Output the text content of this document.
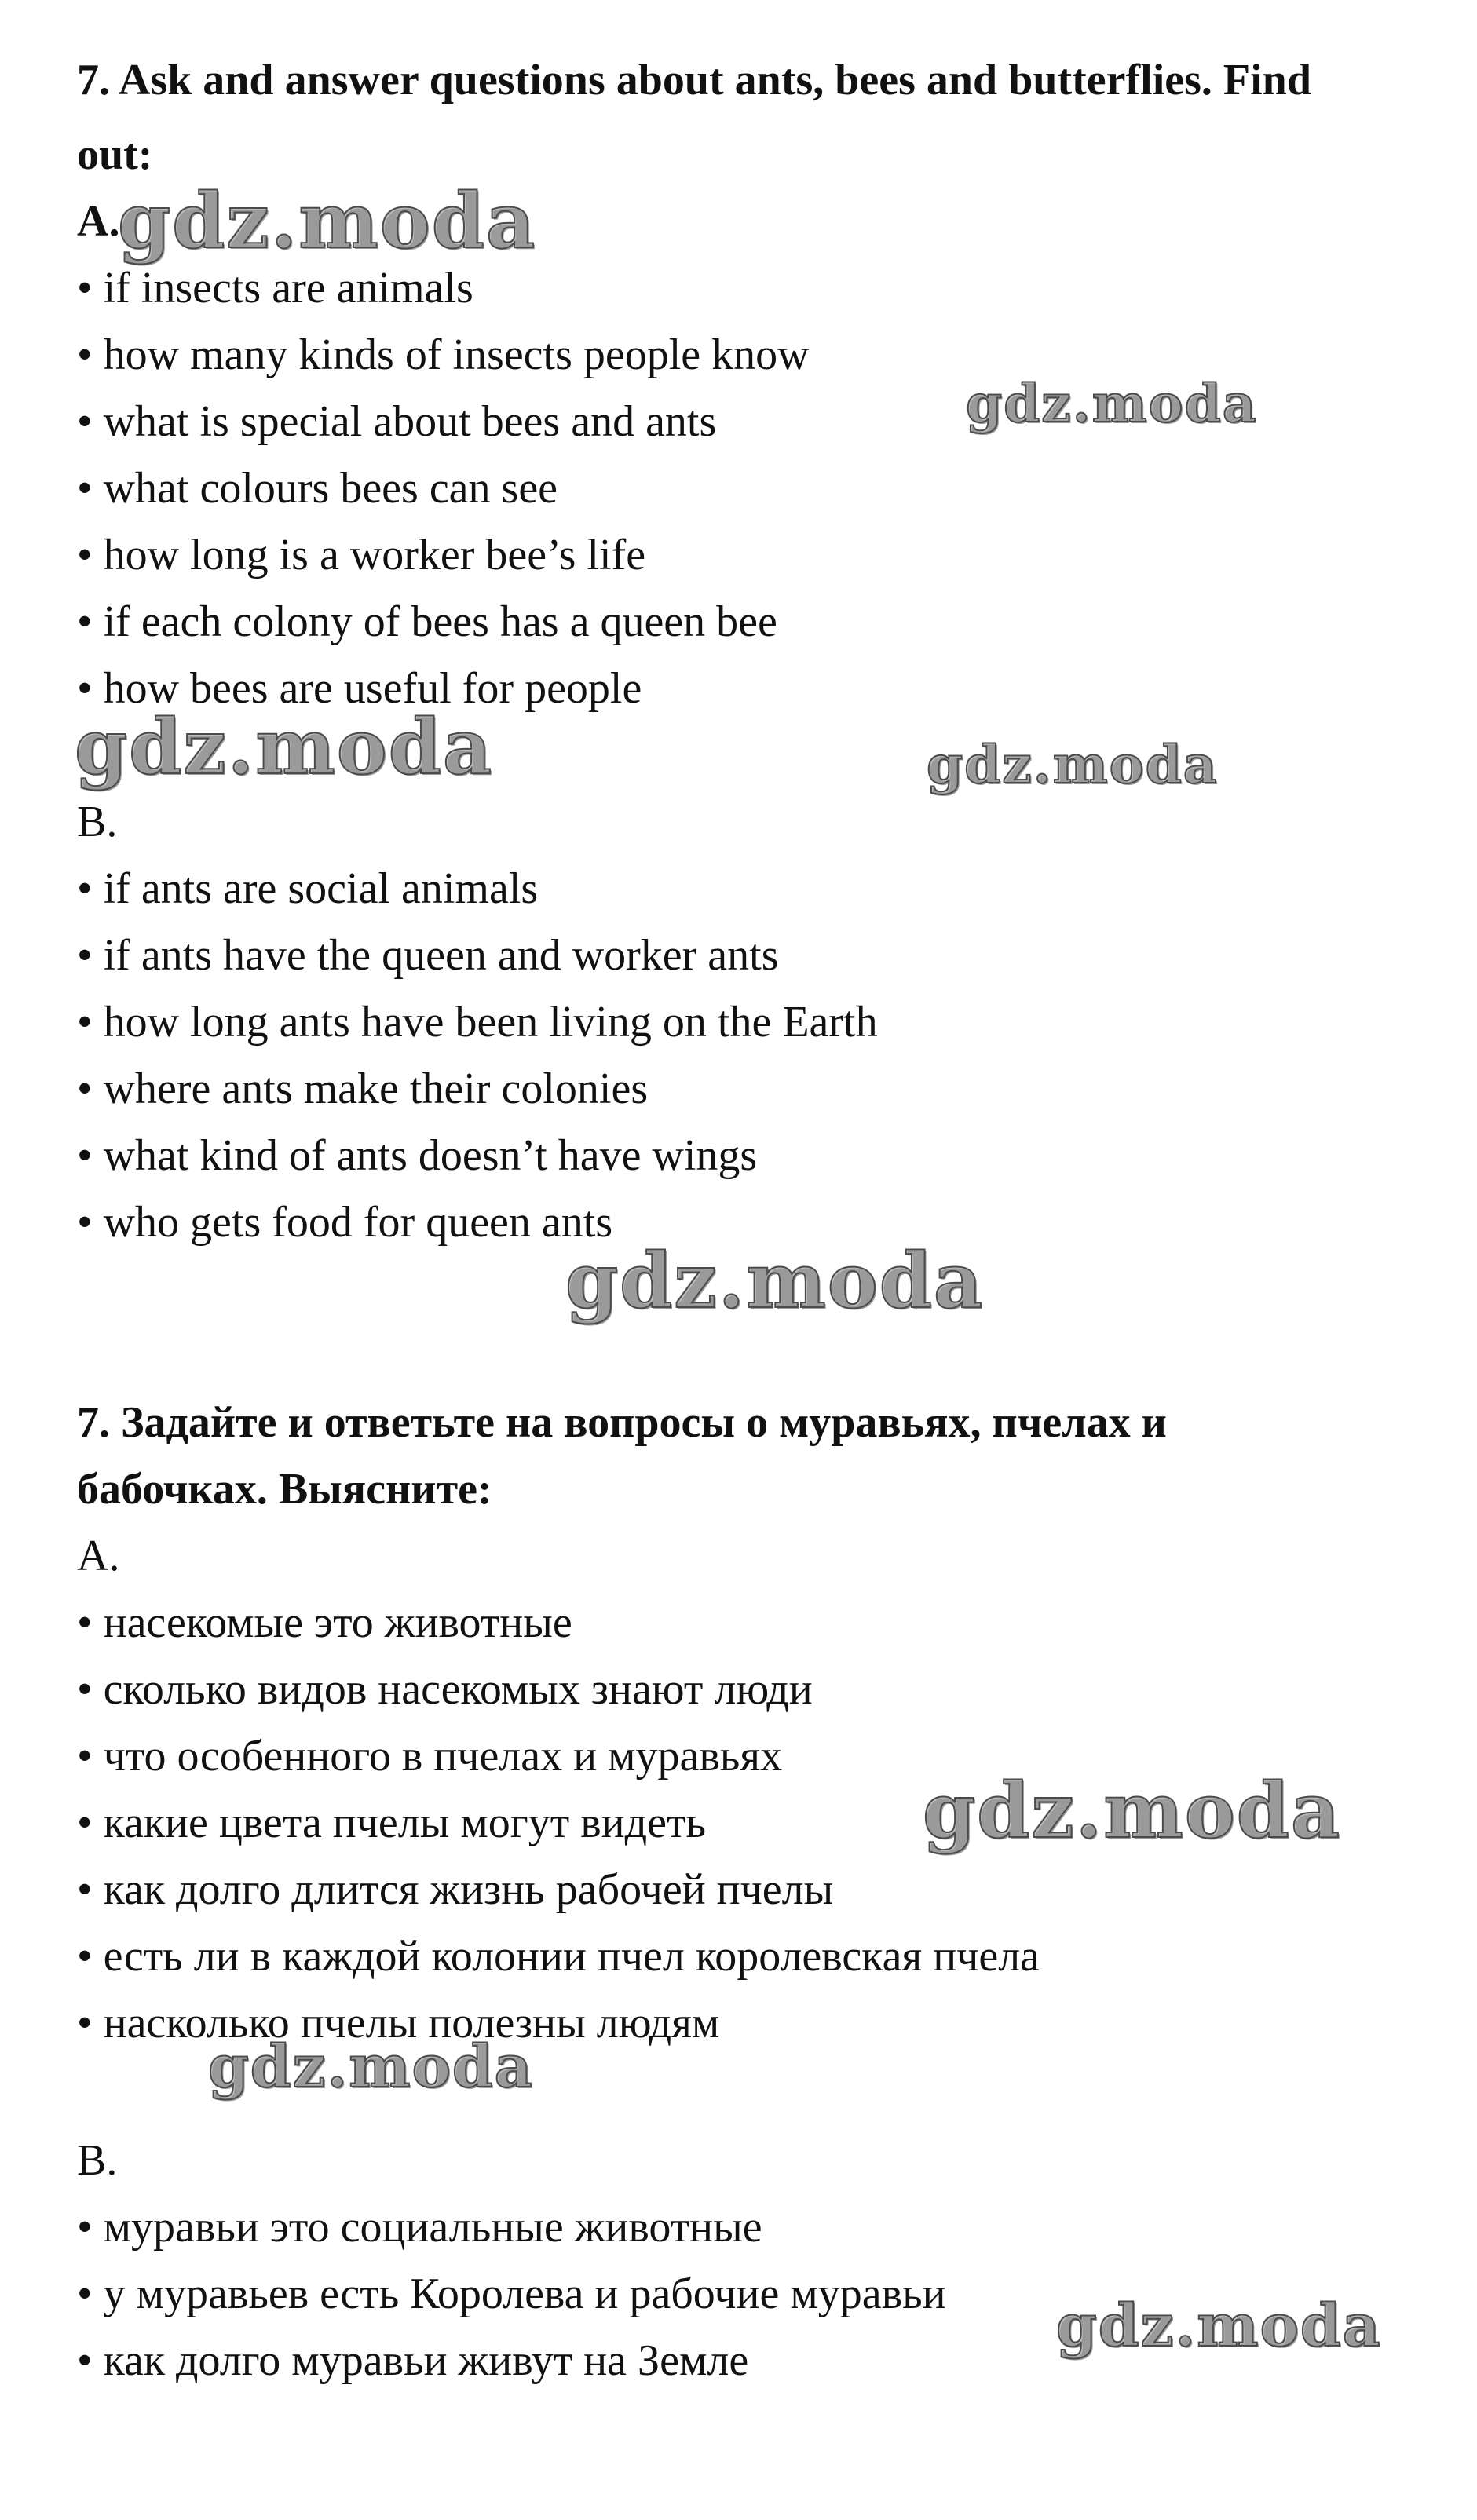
7. Ask and answer questions about ants, bees and butterflies. Find

out:

A.

• if insects are animals

• how many kinds of insects people know

• what is special about bees and ants

• what colours bees can see

• how long is a worker bee’s life

• if each colony of bees has a queen bee

• how bees are useful for people

B.

• if ants are social animals

• if ants have the queen and worker ants

• how long ants have been living on the Earth

• where ants make their colonies

• what kind of ants doesn’t have wings

• who gets food for queen ants

7. Задайте и ответьте на вопросы о муравьях, пчелах и

бабочках. Выясните:

А.

• насекомые это животные

• сколько видов насекомых знают люди

• что особенного в пчелах и муравьях

• какие цвета пчелы могут видеть

• как долго длится жизнь рабочей пчелы

• есть ли в каждой колонии пчел королевская пчела

• насколько пчелы полезны людям

В.

• муравьи это социальные животные

• у муравьев есть Королева и рабочие муравьи

• как долго муравьи живут на Земле

gdz.moda
gdz.moda
gdz.moda	gdz.moda
gdz.moda
gdz.moda
gdz.moda
gdz.moda
